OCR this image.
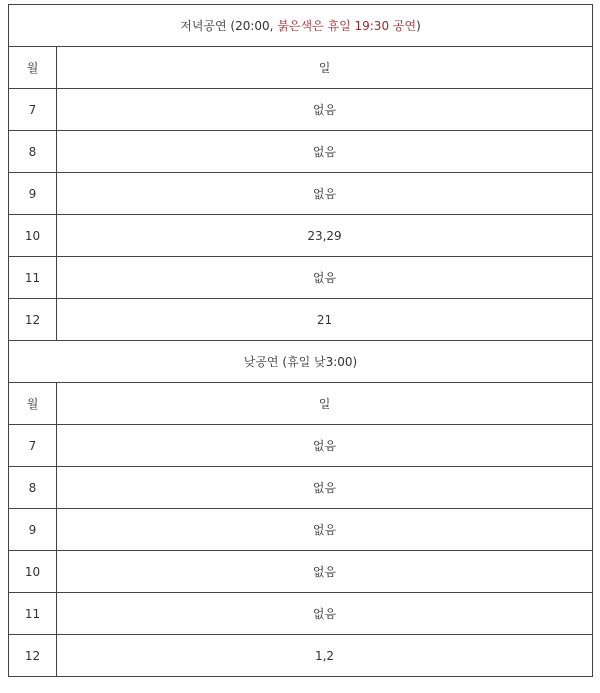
저녁공연 (20:00, 붉은색은 휴일 19:30 공연)	
월	일
7	없음
8	없음
9	없음
10	23,29
11	없음
12	21
낮공연 (휴일 낮3:00)	
월	일
7	없음
8	없음
9	없음
10	없음
11	없음
12	1,2
